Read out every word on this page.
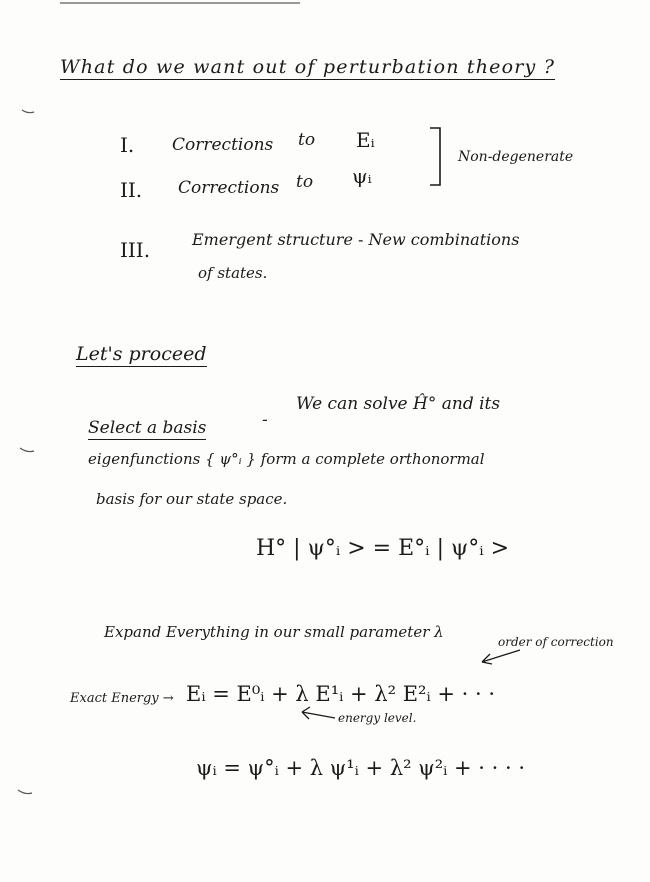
What do we want out of perturbation theory ?
I. Corrections to Eᵢ
II. Corrections to ψᵢ
Non-degenerate
III.	Emergent structure - New combinations
of states.
Let's proceed
Select a basis	-
We can solve Ĥ° and its
eigenfunctions { ψ°ᵢ } form a complete orthonormal
basis for our state space.
H° | ψ°ᵢ > = E°ᵢ | ψ°ᵢ >
Expand Everything in our small parameter λ
order of correction
Exact Energy → Eᵢ = E⁰ᵢ + λ E¹ᵢ + λ² E²ᵢ + · · ·
energy level.
ψᵢ = ψ°ᵢ + λ ψ¹ᵢ + λ² ψ²ᵢ + · · · ·
